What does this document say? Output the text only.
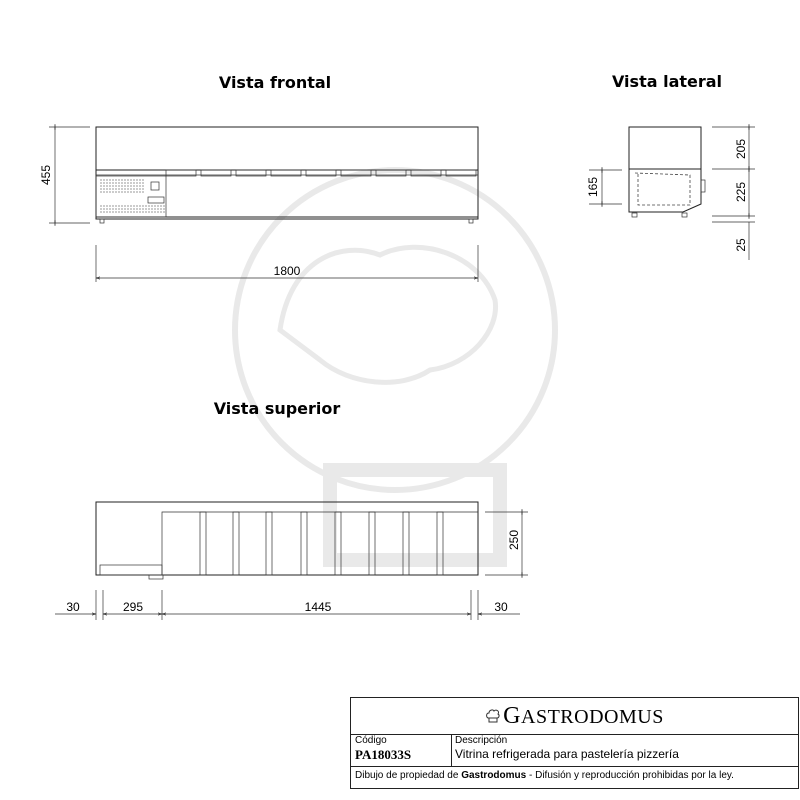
Vista frontal	Vista lateral
Vista superior
455
1800
205
225
25
165
250
30	295	1445	30
GASTRODOMUS
Código
PA18033S
Descripción
Vitrina refrigerada para pastelería pizzería
Dibujo de propiedad de Gastrodomus - Difusión y reproducción prohibidas por la ley.
